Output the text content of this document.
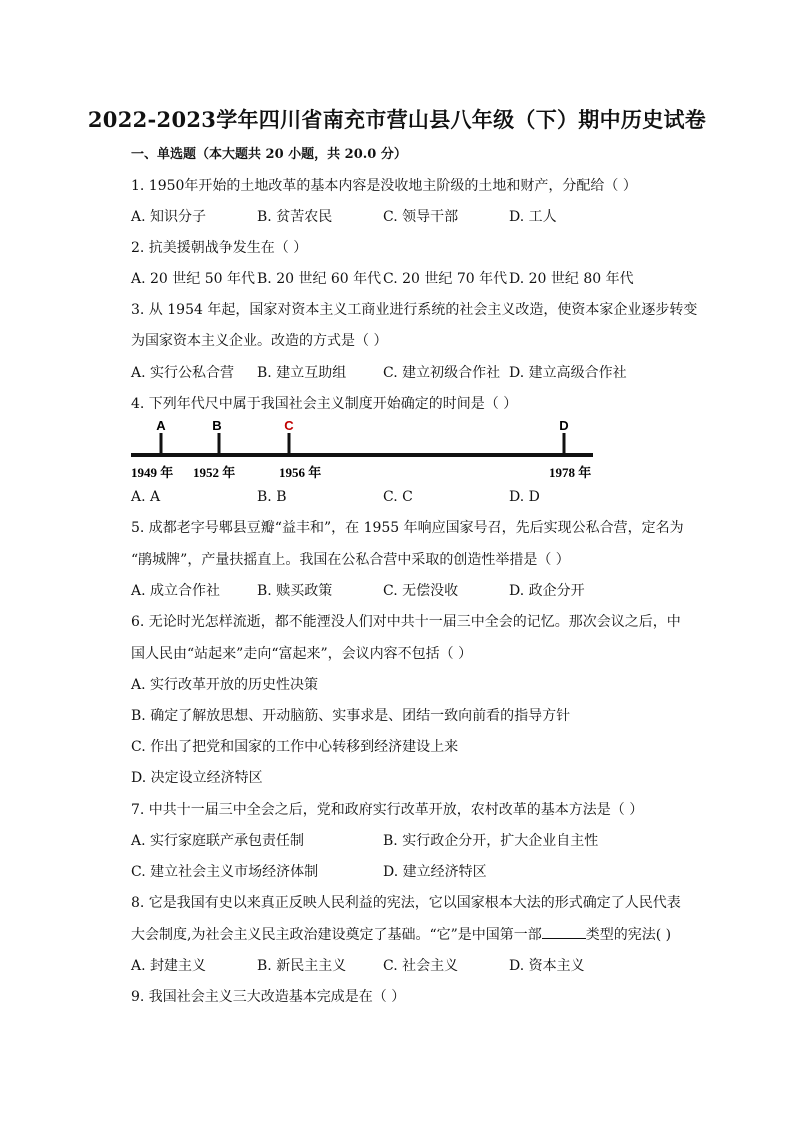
2022-2023学年四川省南充市营山县八年级（下）期中历史试卷
一、单选题（本大题共 20 小题，共 20.0 分）
1. 1950年开始的土地改革的基本内容是没收地主阶级的土地和财产，分配给（ ）
A. 知识分子	B. 贫苦农民	C. 领导干部	D. 工人
2. 抗美援朝战争发生在（ ）
A. 20 世纪 50 年代 B. 20 世纪 60 年代 C. 20 世纪 70 年代 D. 20 世纪 80 年代
3. 从 1954 年起，国家对资本主义工商业进行系统的社会主义改造，使资本家企业逐步转变
为国家资本主义企业。改造的方式是（ ）
A. 实行公私合营 B. 建立互助组	C. 建立初级合作社 D. 建立高级合作社
4. 下列年代尺中属于我国社会主义制度开始确定的时间是（ ）
A	B	C	D
1949 年 1952 年	1956 年	1978 年
A. A	B. B	C. C	D. D
5. 成都老字号郫县豆瓣“益丰和”，在 1955 年响应国家号召，先后实现公私合营，定名为
“鹃城牌”，产量扶摇直上。我国在公私合营中采取的创造性举措是（ ）
A. 成立合作社	B. 赎买政策	C. 无偿没收	D. 政企分开
6. 无论时光怎样流逝，都不能湮没人们对中共十一届三中全会的记忆。那次会议之后，中
国人民由“站起来”走向“富起来”，会议内容不包括（ ）
A. 实行改革开放的历史性决策
B. 确定了解放思想、开动脑筋、实事求是、团结一致向前看的指导方针
C. 作出了把党和国家的工作中心转移到经济建设上来
D. 决定设立经济特区
7. 中共十一届三中全会之后，党和政府实行改革开放，农村改革的基本方法是（ ）
A. 实行家庭联产承包责任制	B. 实行政企分开，扩大企业自主性
C. 建立社会主义市场经济体制	D. 建立经济特区
8. 它是我国有史以来真正反映人民利益的宪法，它以国家根本大法的形式确定了人民代表
大会制度,为社会主义民主政治建设奠定了基础。“它”是中国第一部	类型的宪法( )
A. 封建主义	B. 新民主主义	C. 社会主义	D. 资本主义
9. 我国社会主义三大改造基本完成是在（ ）
